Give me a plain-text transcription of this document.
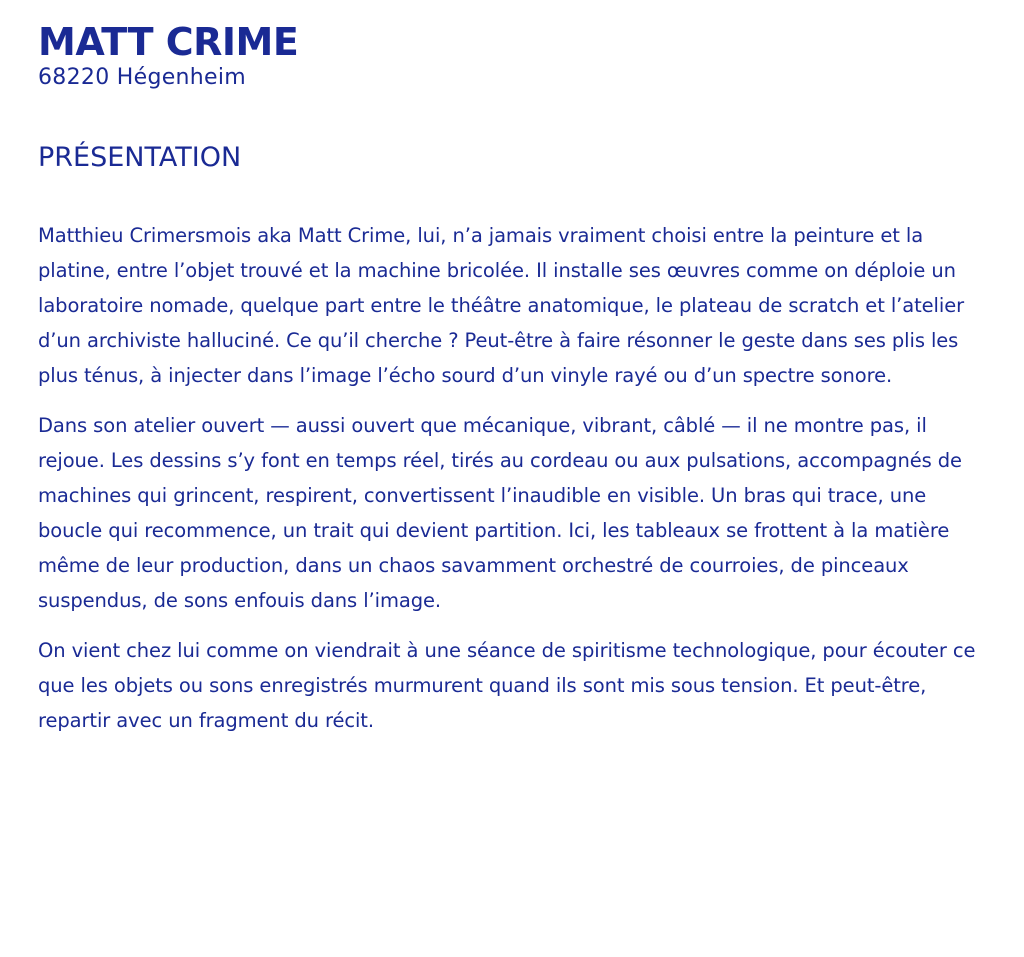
MATT CRIME
68220 Hégenheim
PRÉSENTATION

Matthieu Crimersmois aka Matt Crime, lui, n’a jamais vraiment choisi entre la peinture et la platine, entre l’objet trouvé et la machine bricolée. Il installe ses œuvres comme on déploie un laboratoire nomade, quelque part entre le théâtre anatomique, le plateau de scratch et l’atelier d’un archiviste halluciné. Ce qu’il cherche ? Peut-être à faire résonner le geste dans ses plis les plus ténus, à injecter dans l’image l’écho sourd d’un vinyle rayé ou d’un spectre sonore.

Dans son atelier ouvert — aussi ouvert que mécanique, vibrant, câblé — il ne montre pas, il rejoue. Les dessins s’y font en temps réel, tirés au cordeau ou aux pulsations, accompagnés de machines qui grincent, respirent, convertissent l’inaudible en visible. Un bras qui trace, une boucle qui recommence, un trait qui devient partition. Ici, les tableaux se frottent à la matière même de leur production, dans un chaos savamment orchestré de courroies, de pinceaux suspendus, de sons enfouis dans l’image.

On vient chez lui comme on viendrait à une séance de spiritisme technologique, pour écouter ce que les objets ou sons enregistrés murmurent quand ils sont mis sous tension. Et peut-être, repartir avec un fragment du récit.
